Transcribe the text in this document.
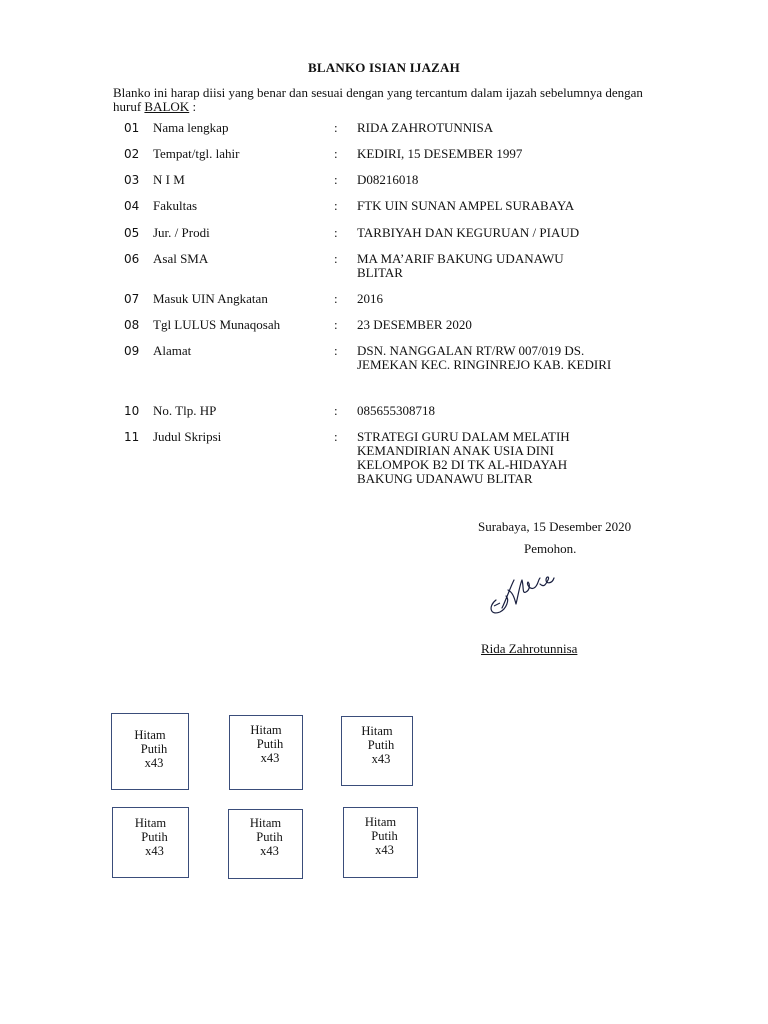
BLANKO ISIAN IJAZAH
Blanko ini harap diisi yang benar dan sesuai dengan yang tercantum dalam ijazah sebelumnya dengan huruf BALOK :
01 Nama lengkap	: RIDA ZAHROTUNNISA
02 Tempat/tgl. lahir	: KEDIRI, 15 DESEMBER 1997
03 N I M	: D08216018
04 Fakultas	: FTK UIN SUNAN AMPEL SURABAYA
05 Jur. / Prodi	: TARBIYAH DAN KEGURUAN / PIAUD
06 Asal SMA	: MA MA’ARIF BAKUNG UDANAWU
BLITAR
07 Masuk UIN Angkatan	: 2016
08 Tgl LULUS Munaqosah	: 23 DESEMBER 2020
09 Alamat	: DSN. NANGGALAN RT/RW 007/019 DS.
JEMEKAN KEC. RINGINREJO KAB. KEDIRI
10 No. Tlp. HP	: 085655308718
11 Judul Skripsi	: STRATEGI GURU DALAM MELATIH
KEMANDIRIAN ANAK USIA DINI
KELOMPOK B2 DI TK AL-HIDAYAH
BAKUNG UDANAWU BLITAR
Surabaya, 15 Desember 2020
Pemohon.
Rida Zahrotunnisa
Hitam
Putih
x43
Hitam
Putih
x43
Hitam
Putih
x43
Hitam
Putih
x43
Hitam
Putih
x43
Hitam
Putih
x43
